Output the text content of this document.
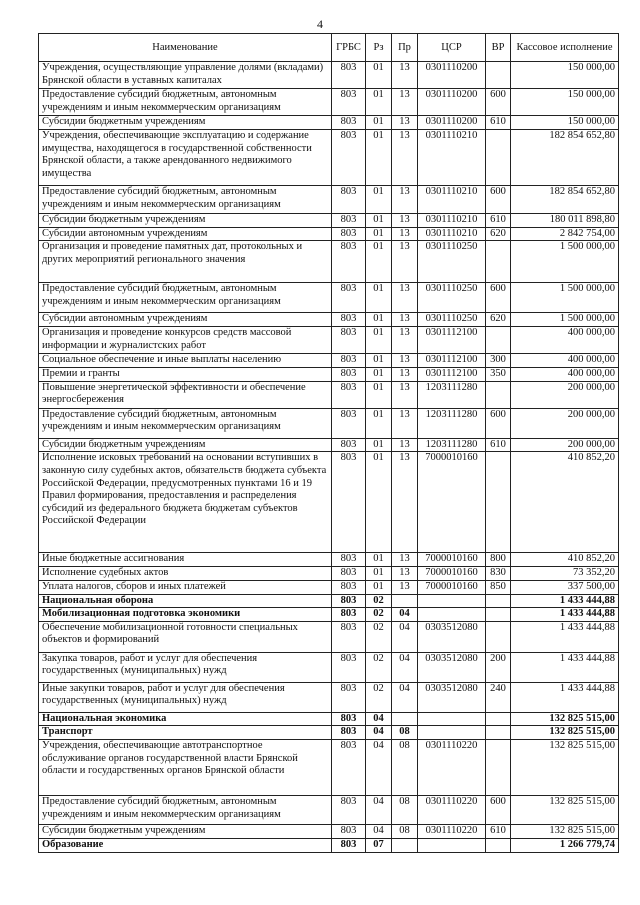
4
Наименование	ГРБС	Рз	Пр	ЦСР	ВР	Кассовое исполнение
Учреждения, осуществляющие управление долями (вкладами) Брянской области в уставных капиталах	803	01	13	0301110200		150 000,00
Предоставление субсидий бюджетным, автономным учреждениям и иным некоммерческим организациям	803	01	13	0301110200	600	150 000,00
Субсидии бюджетным учреждениям	803	01	13	0301110200	610	150 000,00
Учреждения, обеспечивающие эксплуатацию и содержание имущества, находящегося в государственной собственности Брянской области, а также арендованного недвижимого имущества	803	01	13	0301110210		182 854 652,80
Предоставление субсидий бюджетным, автономным учреждениям и иным некоммерческим организациям	803	01	13	0301110210	600	182 854 652,80
Субсидии бюджетным учреждениям	803	01	13	0301110210	610	180 011 898,80
Субсидии автономным учреждениям	803	01	13	0301110210	620	2 842 754,00
Организация и проведение памятных дат, протокольных и других мероприятий регионального значения	803	01	13	0301110250		1 500 000,00
Предоставление субсидий бюджетным, автономным учреждениям и иным некоммерческим организациям	803	01	13	0301110250	600	1 500 000,00
Субсидии автономным учреждениям	803	01	13	0301110250	620	1 500 000,00
Организация и проведение конкурсов средств массовой информации и журналистских работ	803	01	13	0301112100		400 000,00
Социальное обеспечение и иные выплаты населению	803	01	13	0301112100	300	400 000,00
Премии и гранты	803	01	13	0301112100	350	400 000,00
Повышение энергетической эффективности и обеспечение энергосбережения	803	01	13	1203111280		200 000,00
Предоставление субсидий бюджетным, автономным учреждениям и иным некоммерческим организациям	803	01	13	1203111280	600	200 000,00
Субсидии бюджетным учреждениям	803	01	13	1203111280	610	200 000,00
Исполнение исковых требований на основании вступивших в законную силу судебных актов, обязательств бюджета субъекта Российской Федерации, предусмотренных пунктами 16 и 19 Правил формирования, предоставления и распределения субсидий из федерального бюджета бюджетам субъектов Российской Федерации	803	01	13	7000010160		410 852,20
Иные бюджетные ассигнования	803	01	13	7000010160	800	410 852,20
Исполнение судебных актов	803	01	13	7000010160	830	73 352,20
Уплата налогов, сборов и иных платежей	803	01	13	7000010160	850	337 500,00
Национальная оборона	803	02				1 433 444,88
Мобилизационная подготовка экономики	803	02	04			1 433 444,88
Обеспечение мобилизационной готовности специальных объектов и формирований	803	02	04	0303512080		1 433 444,88
Закупка товаров, работ и услуг для обеспечения государственных (муниципальных) нужд	803	02	04	0303512080	200	1 433 444,88
Иные закупки товаров, работ и услуг для обеспечения государственных (муниципальных) нужд	803	02	04	0303512080	240	1 433 444,88
Национальная экономика	803	04				132 825 515,00
Транспорт	803	04	08			132 825 515,00
Учреждения, обеспечивающие автотранспортное обслуживание органов государственной власти Брянской области и государственных органов Брянской области	803	04	08	0301110220		132 825 515,00
Предоставление субсидий бюджетным, автономным учреждениям и иным некоммерческим организациям	803	04	08	0301110220	600	132 825 515,00
Субсидии бюджетным учреждениям	803	04	08	0301110220	610	132 825 515,00
Образование	803	07				1 266 779,74
